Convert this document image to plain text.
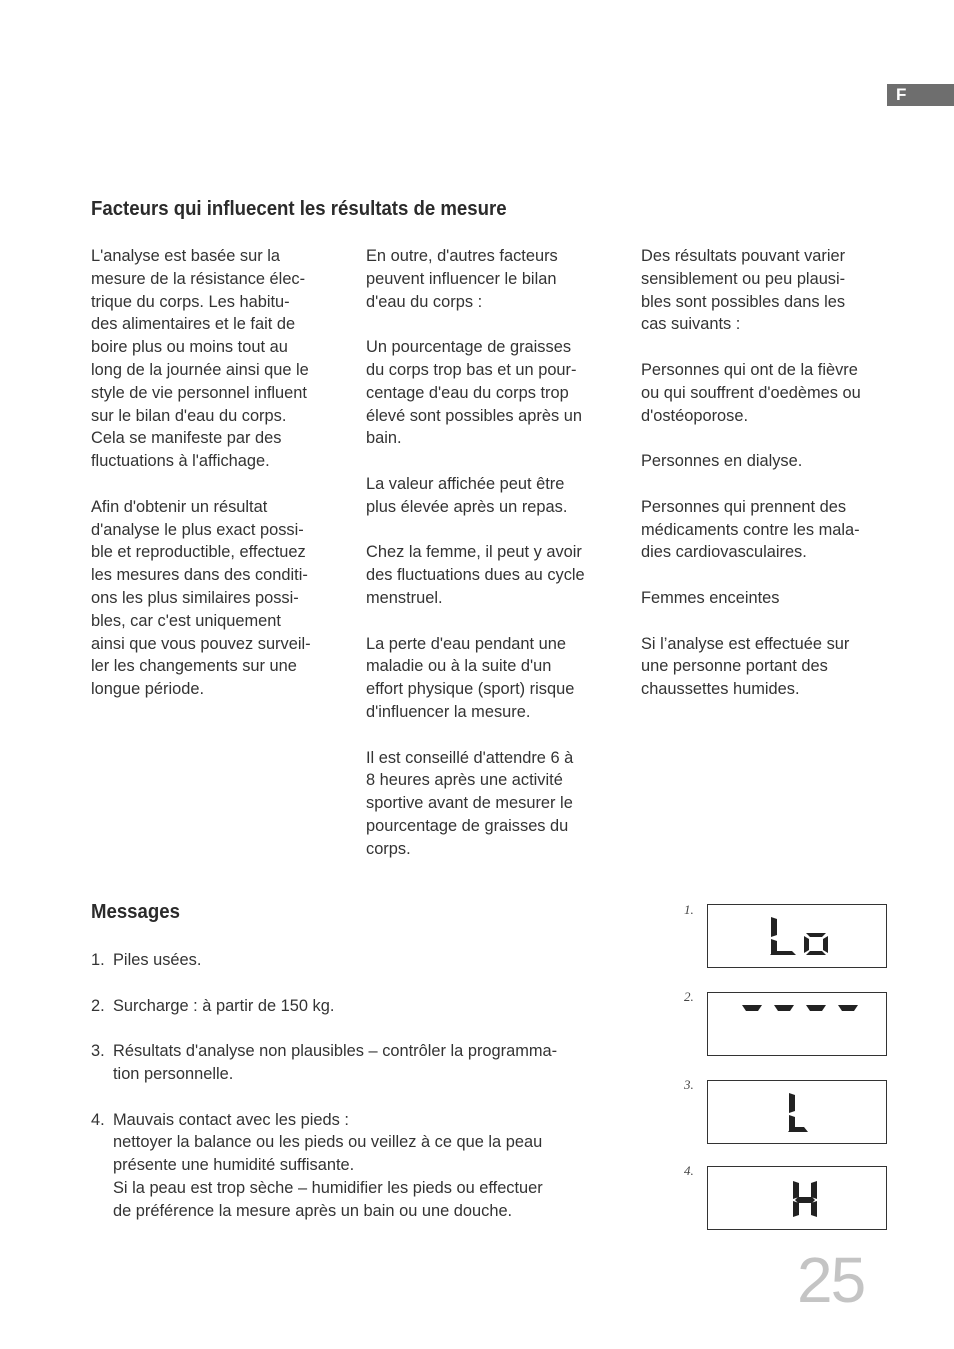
F
Facteurs qui influecent les résultats de mesure

L'analyse est basée sur la
mesure de la résistance élec-
trique du corps. Les habitu-
des alimentaires et le fait de
boire plus ou moins tout au
long de la journée ainsi que le
style de vie personnel influent
sur le bilan d'eau du corps.
Cela se manifeste par des
fluctuations à l'affichage.

Afin d'obtenir un résultat
d'analyse le plus exact possi-
ble et reproductible, effectuez
les mesures dans des conditi-
ons les plus similaires possi-
bles, car c'est uniquement
ainsi que vous pouvez surveil-
ler les changements sur une
longue période.

En outre, d'autres facteurs
peuvent influencer le bilan
d'eau du corps :

Un pourcentage de graisses
du corps trop bas et un pour-
centage d'eau du corps trop
élevé sont possibles après un
bain.

La valeur affichée peut être
plus élevée après un repas.

Chez la femme, il peut y avoir
des fluctuations dues au cycle
menstruel.

La perte d'eau pendant une
maladie ou à la suite d'un
effort physique (sport) risque
d'influencer la mesure.

Il est conseillé d'attendre 6 à
8 heures après une activité
sportive avant de mesurer le
pourcentage de graisses du
corps.

Des résultats pouvant varier
sensiblement ou peu plausi-
bles sont possibles dans les
cas suivants :

Personnes qui ont de la fièvre
ou qui souffrent d'oedèmes ou
d'ostéoporose.

Personnes en dialyse.

Personnes qui prennent des
médicaments contre les mala-
dies cardiovasculaires.

Femmes enceintes

Si l’analyse est effectuée sur
une personne portant des
chaussettes humides.

Messages
1. Piles usées.
2. Surcharge : à partir de 150 kg.
3. Résultats d'analyse non plausibles – contrôler la programma-
tion personnelle.
4. Mauvais contact avec les pieds :
nettoyer la balance ou les pieds ou veillez à ce que la peau
présente une humidité suffisante.
Si la peau est trop sèche – humidifier les pieds ou effectuer
de préférence la mesure après un bain ou une douche.
1.
2.
3.
4.
25
